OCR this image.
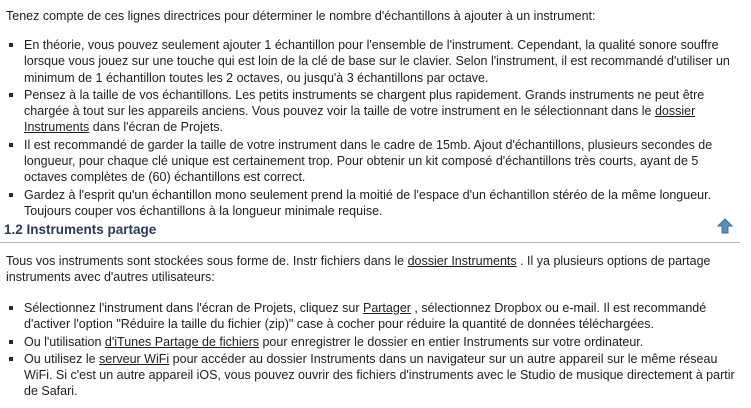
Tenez compte de ces lignes directrices pour déterminer le nombre d'échantillons à ajouter à un instrument:

En théorie, vous pouvez seulement ajouter 1 échantillon pour l'ensemble de l'instrument. Cependant, la qualité sonore souffre lorsque vous jouez sur une touche qui est loin de la clé de base sur le clavier. Selon l'instrument, il est recommandé d'utiliser un minimum de 1 échantillon toutes les 2 octaves, ou jusqu'à 3 échantillons par octave.
Pensez à la taille de vos échantillons. Les petits instruments se chargent plus rapidement. Grands instruments ne peut être chargée à tout sur les appareils anciens. Vous pouvez voir la taille de votre instrument en le sélectionnant dans le dossier Instruments dans l'écran de Projets.
Il est recommandé de garder la taille de votre instrument dans le cadre de 15mb. Ajout d'échantillons, plusieurs secondes de longueur, pour chaque clé unique est certainement trop. Pour obtenir un kit composé d'échantillons très courts, ayant de 5 octaves complètes de (60) échantillons est correct.
Gardez à l'esprit qu'un échantillon mono seulement prend la moitié de l'espace d'un échantillon stéréo de la même longueur. Toujours couper vos échantillons à la longueur minimale requise.
1.2 Instruments partage

Tous vos instruments sont stockées sous forme de. Instr fichiers dans le dossier Instruments . Il ya plusieurs options de partage instruments avec d'autres utilisateurs:

Sélectionnez l'instrument dans l'écran de Projets, cliquez sur Partager , sélectionnez Dropbox ou e-mail. Il est recommandé d'activer l'option "Réduire la taille du fichier (zip)" case à cocher pour réduire la quantité de données téléchargées.
Ou l'utilisation d'iTunes Partage de fichiers pour enregistrer le dossier en entier Instruments sur votre ordinateur.
Ou utilisez le serveur WiFi pour accéder au dossier Instruments dans un navigateur sur un autre appareil sur le même réseau WiFi. Si c'est un autre appareil iOS, vous pouvez ouvrir des fichiers d'instruments avec le Studio de musique directement à partir de Safari.
